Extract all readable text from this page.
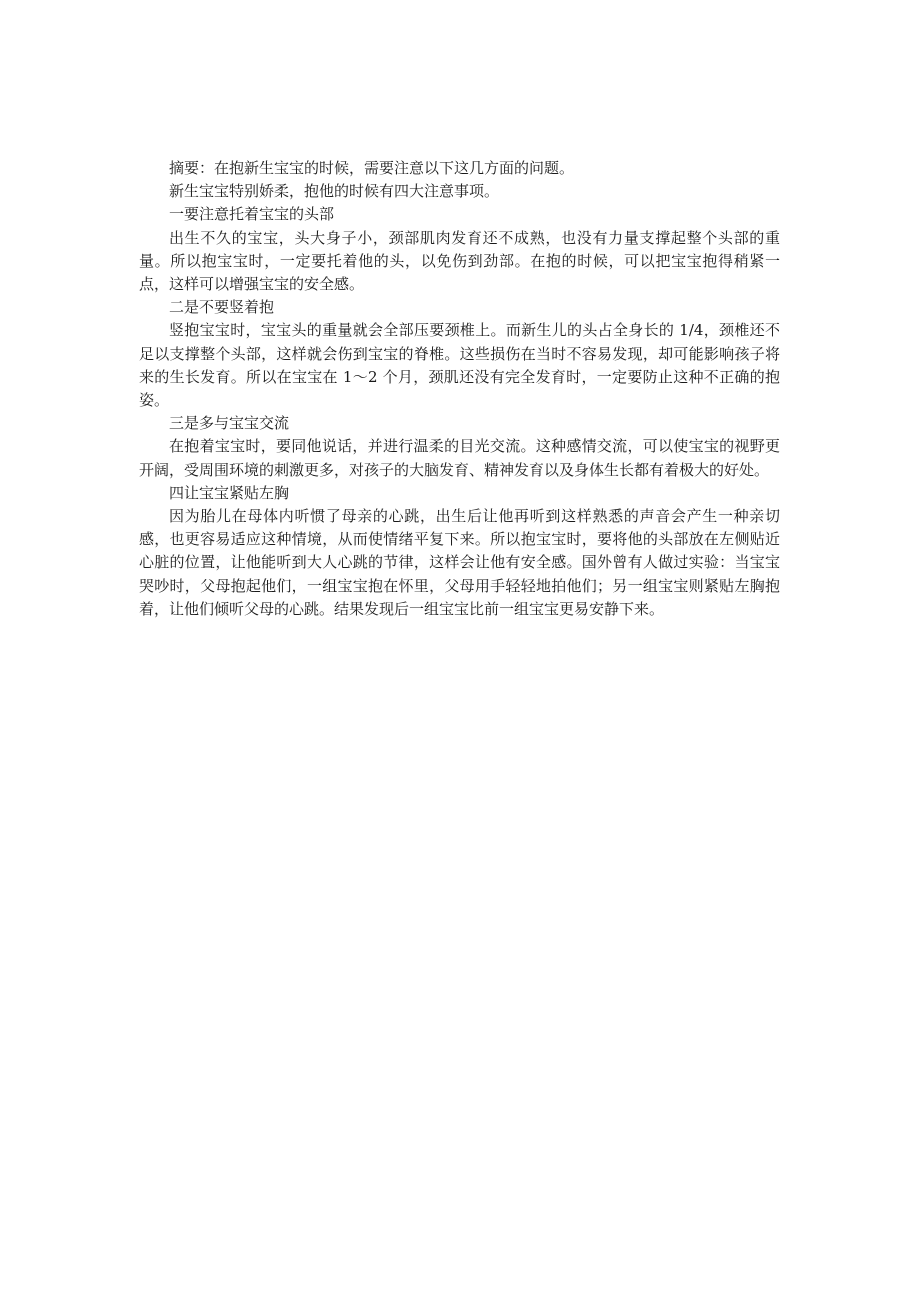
摘要：在抱新生宝宝的时候，需要注意以下这几方面的问题。

新生宝宝特别娇柔，抱他的时候有四大注意事项。

一要注意托着宝宝的头部

出生不久的宝宝，头大身子小，颈部肌肉发育还不成熟，也没有力量支撑起整个头部的重量。所以抱宝宝时，一定要托着他的头，以免伤到劲部。在抱的时候，可以把宝宝抱得稍紧一点，这样可以增强宝宝的安全感。

二是不要竖着抱

竖抱宝宝时，宝宝头的重量就会全部压要颈椎上。而新生儿的头占全身长的 1/4，颈椎还不足以支撑整个头部，这样就会伤到宝宝的脊椎。这些损伤在当时不容易发现，却可能影响孩子将来的生长发育。所以在宝宝在 1～2 个月，颈肌还没有完全发育时，一定要防止这种不正确的抱姿。

三是多与宝宝交流

在抱着宝宝时，要同他说话，并进行温柔的目光交流。这种感情交流，可以使宝宝的视野更开阔，受周围环境的刺激更多，对孩子的大脑发育、精神发育以及身体生长都有着极大的好处。

四让宝宝紧贴左胸

因为胎儿在母体内听惯了母亲的心跳，出生后让他再听到这样熟悉的声音会产生一种亲切感，也更容易适应这种情境，从而使情绪平复下来。所以抱宝宝时，要将他的头部放在左侧贴近心脏的位置，让他能听到大人心跳的节律，这样会让他有安全感。国外曾有人做过实验：当宝宝哭吵时，父母抱起他们，一组宝宝抱在怀里，父母用手轻轻地拍他们；另一组宝宝则紧贴左胸抱着，让他们倾听父母的心跳。结果发现后一组宝宝比前一组宝宝更易安静下来。
